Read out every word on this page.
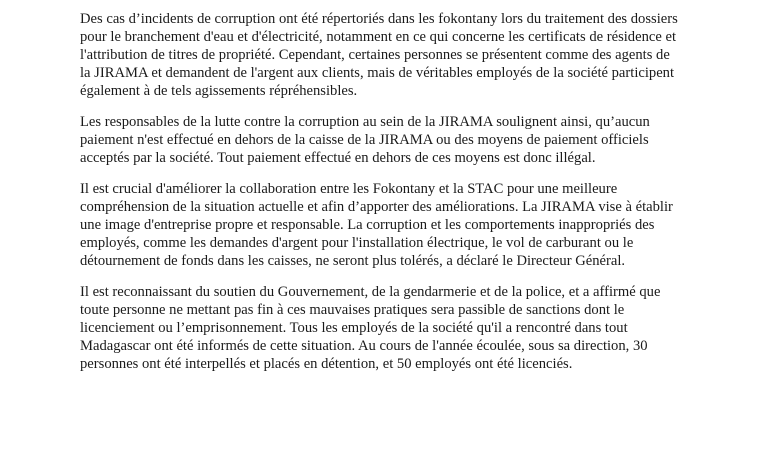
Des cas d’incidents de corruption ont été répertoriés dans les fokontany lors du traitement des dossiers
pour le branchement d'eau et d'électricité, notamment en ce qui concerne les certificats de résidence et
l'attribution de titres de propriété. Cependant, certaines personnes se présentent comme des agents de
la JIRAMA et demandent de l'argent aux clients, mais de véritables employés de la société participent
également à de tels agissements répréhensibles.

Les responsables de la lutte contre la corruption au sein de la JIRAMA soulignent ainsi, qu’aucun
paiement n'est effectué en dehors de la caisse de la JIRAMA ou des moyens de paiement officiels
acceptés par la société. Tout paiement effectué en dehors de ces moyens est donc illégal.

Il est crucial d'améliorer la collaboration entre les Fokontany et la STAC pour une meilleure
compréhension de la situation actuelle et afin d’apporter des améliorations. La JIRAMA vise à établir
une image d'entreprise propre et responsable. La corruption et les comportements inappropriés des
employés, comme les demandes d'argent pour l'installation électrique, le vol de carburant ou le
détournement de fonds dans les caisses, ne seront plus tolérés, a déclaré le Directeur Général.

Il est reconnaissant du soutien du Gouvernement, de la gendarmerie et de la police, et a affirmé que
toute personne ne mettant pas fin à ces mauvaises pratiques sera passible de sanctions dont le
licenciement ou l’emprisonnement. Tous les employés de la société qu'il a rencontré dans tout
Madagascar ont été informés de cette situation. Au cours de l'année écoulée, sous sa direction, 30
personnes ont été interpellés et placés en détention, et 50 employés ont été licenciés.
